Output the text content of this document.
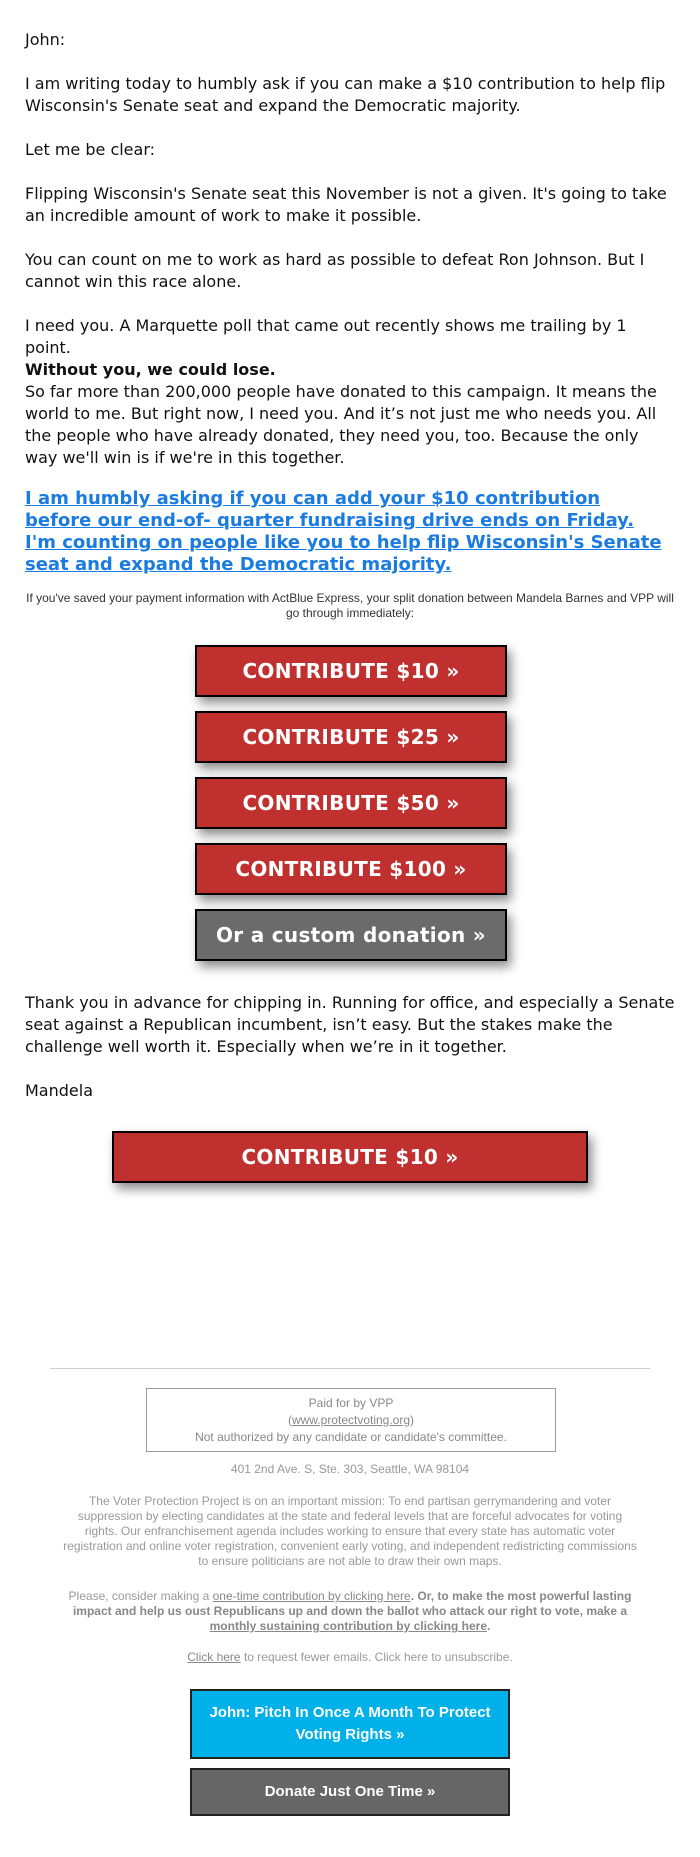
John:

I am writing today to humbly ask if you can make a $10 contribution to help flip Wisconsin's Senate seat and expand the Democratic majority.

Let me be clear:

Flipping Wisconsin's Senate seat this November is not a given. It's going to take an incredible amount of work to make it possible.

You can count on me to work as hard as possible to defeat Ron Johnson. But I cannot win this race alone.

I need you. A Marquette poll that came out recently shows me trailing by 1 point.
Without you, we could lose.

So far more than 200,000 people have donated to this campaign. It means the world to me. But right now, I need you. And it’s not just me who needs you. All the people who have already donated, they need you, too. Because the only way we'll win is if we're in this together.

I am humbly asking if you can add your $10 contribution before our end-of- quarter fundraising drive ends on Friday. I'm counting on people like you to help flip Wisconsin's Senate seat and expand the Democratic majority.
If you've saved your payment information with ActBlue Express, your split donation between Mandela Barnes and VPP will go through immediately:
CONTRIBUTE $10 »
CONTRIBUTE $25 »
CONTRIBUTE $50 »
CONTRIBUTE $100 »
Or a custom donation »

Thank you in advance for chipping in. Running for office, and especially a Senate seat against a Republican incumbent, isn’t easy. But the stakes make the challenge well worth it. Especially when we’re in it together.

Mandela

CONTRIBUTE $10 »
Paid for by VPP
(www.protectvoting.org)
Not authorized by any candidate or candidate's committee.
401 2nd Ave. S, Ste. 303, Seattle, WA 98104
The Voter Protection Project is on an important mission: To end partisan gerrymandering and voter suppression by electing candidates at the state and federal levels that are forceful advocates for voting rights. Our enfranchisement agenda includes working to ensure that every state has automatic voter registration and online voter registration, convenient early voting, and independent redistricting commissions to ensure politicians are not able to draw their own maps.
Please, consider making a one-time contribution by clicking here. Or, to make the most powerful lasting impact and help us oust Republicans up and down the ballot who attack our right to vote, make a monthly sustaining contribution by clicking here.
Click here to request fewer emails. Click here to unsubscribe.
John: Pitch In Once A Month To Protect Voting Rights »
Donate Just One Time »
